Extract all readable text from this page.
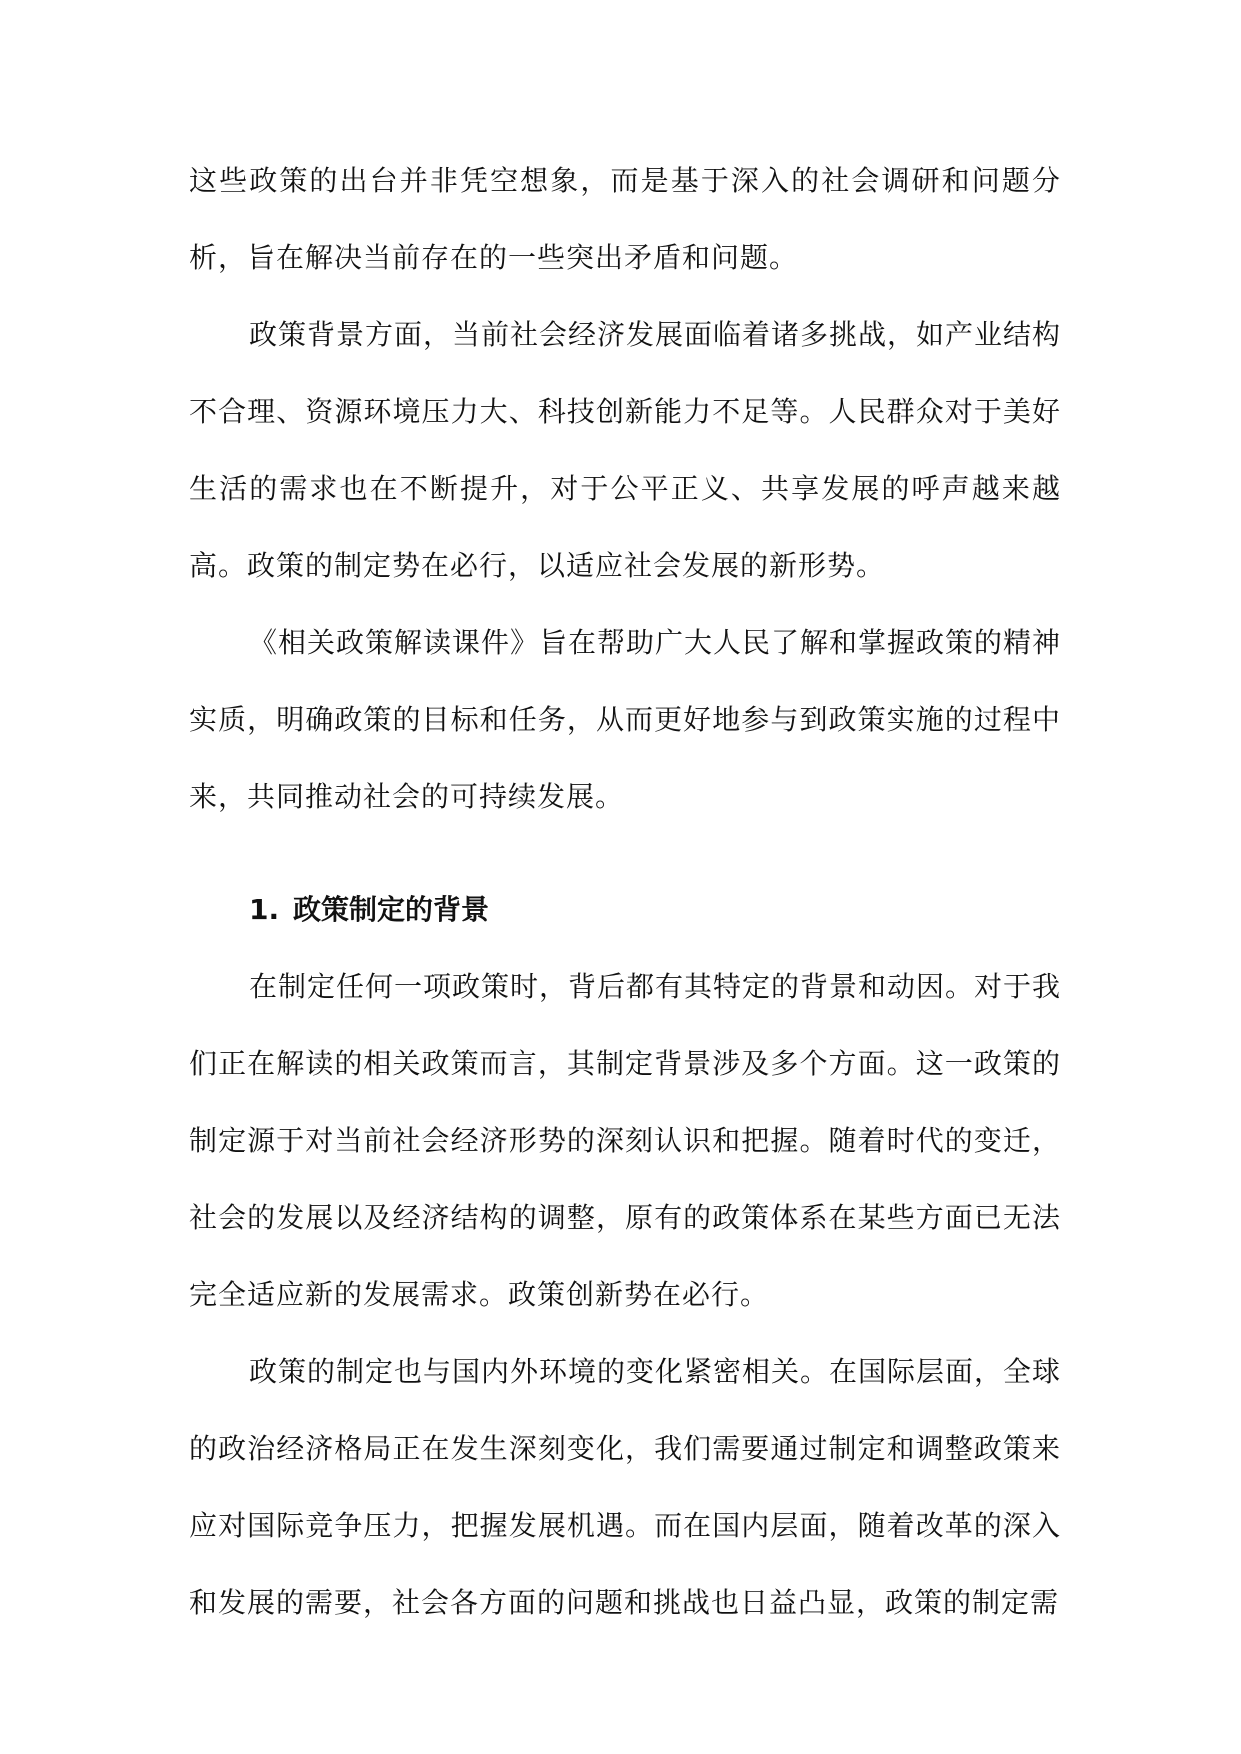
这些政策的出台并非凭空想象，而是基于深入的社会调研和问题分析，旨在解决当前存在的一些突出矛盾和问题。

政策背景方面，当前社会经济发展面临着诸多挑战，如产业结构不合理、资源环境压力大、科技创新能力不足等。人民群众对于美好生活的需求也在不断提升，对于公平正义、共享发展的呼声越来越高。政策的制定势在必行，以适应社会发展的新形势。

《相关政策解读课件》旨在帮助广大人民了解和掌握政策的精神实质，明确政策的目标和任务，从而更好地参与到政策实施的过程中来，共同推动社会的可持续发展。

1. 政策制定的背景

在制定任何一项政策时，背后都有其特定的背景和动因。对于我们正在解读的相关政策而言，其制定背景涉及多个方面。这一政策的制定源于对当前社会经济形势的深刻认识和把握。随着时代的变迁，社会的发展以及经济结构的调整，原有的政策体系在某些方面已无法完全适应新的发展需求。政策创新势在必行。

政策的制定也与国内外环境的变化紧密相关。在国际层面，全球的政治经济格局正在发生深刻变化，我们需要通过制定和调整政策来应对国际竞争压力，把握发展机遇。而在国内层面，随着改革的深入和发展的需要，社会各方面的问题和挑战也日益凸显，政策的制定需
